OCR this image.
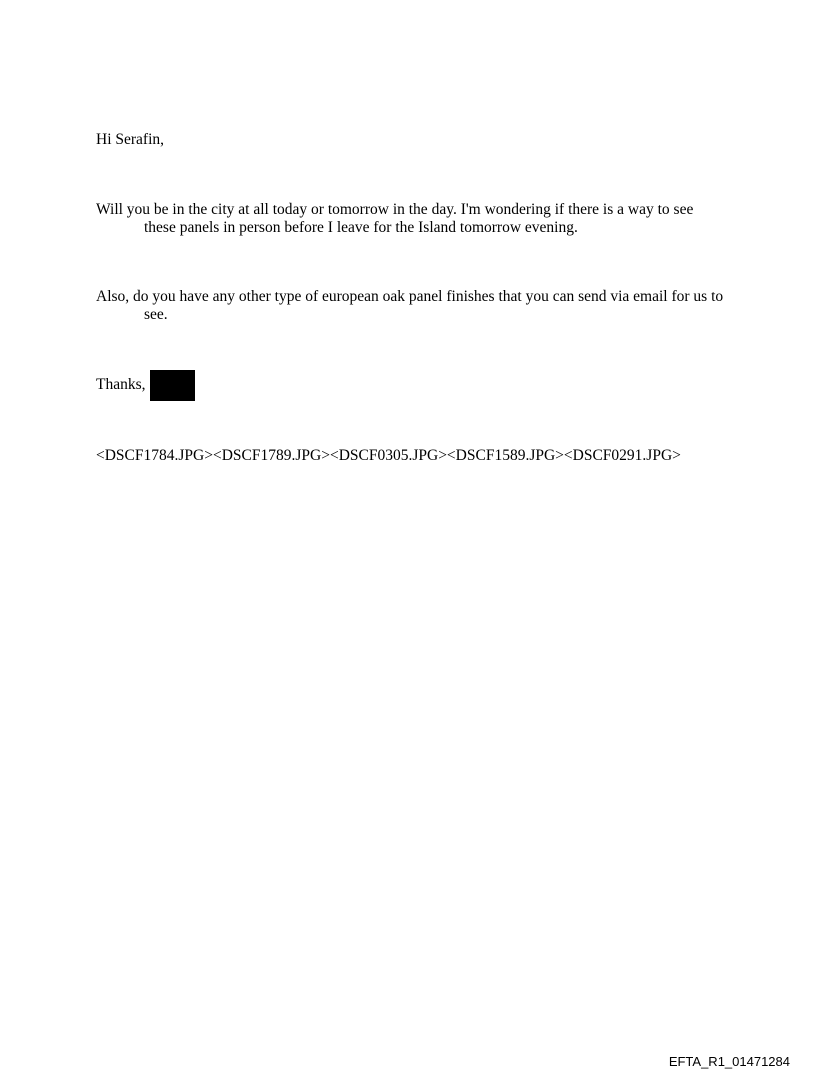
Hi Serafin,
Will you be in the city at all today or tomorrow in the day. I'm wondering if there is a way to see these panels in person before I leave for the Island tomorrow evening.
Also, do you have any other type of european oak panel finishes that you can send via email for us to see.
Thanks,
<DSCF1784.JPG><DSCF1789.JPG><DSCF0305.JPG><DSCF1589.JPG><DSCF0291.JPG>
EFTA_R1_01471284
